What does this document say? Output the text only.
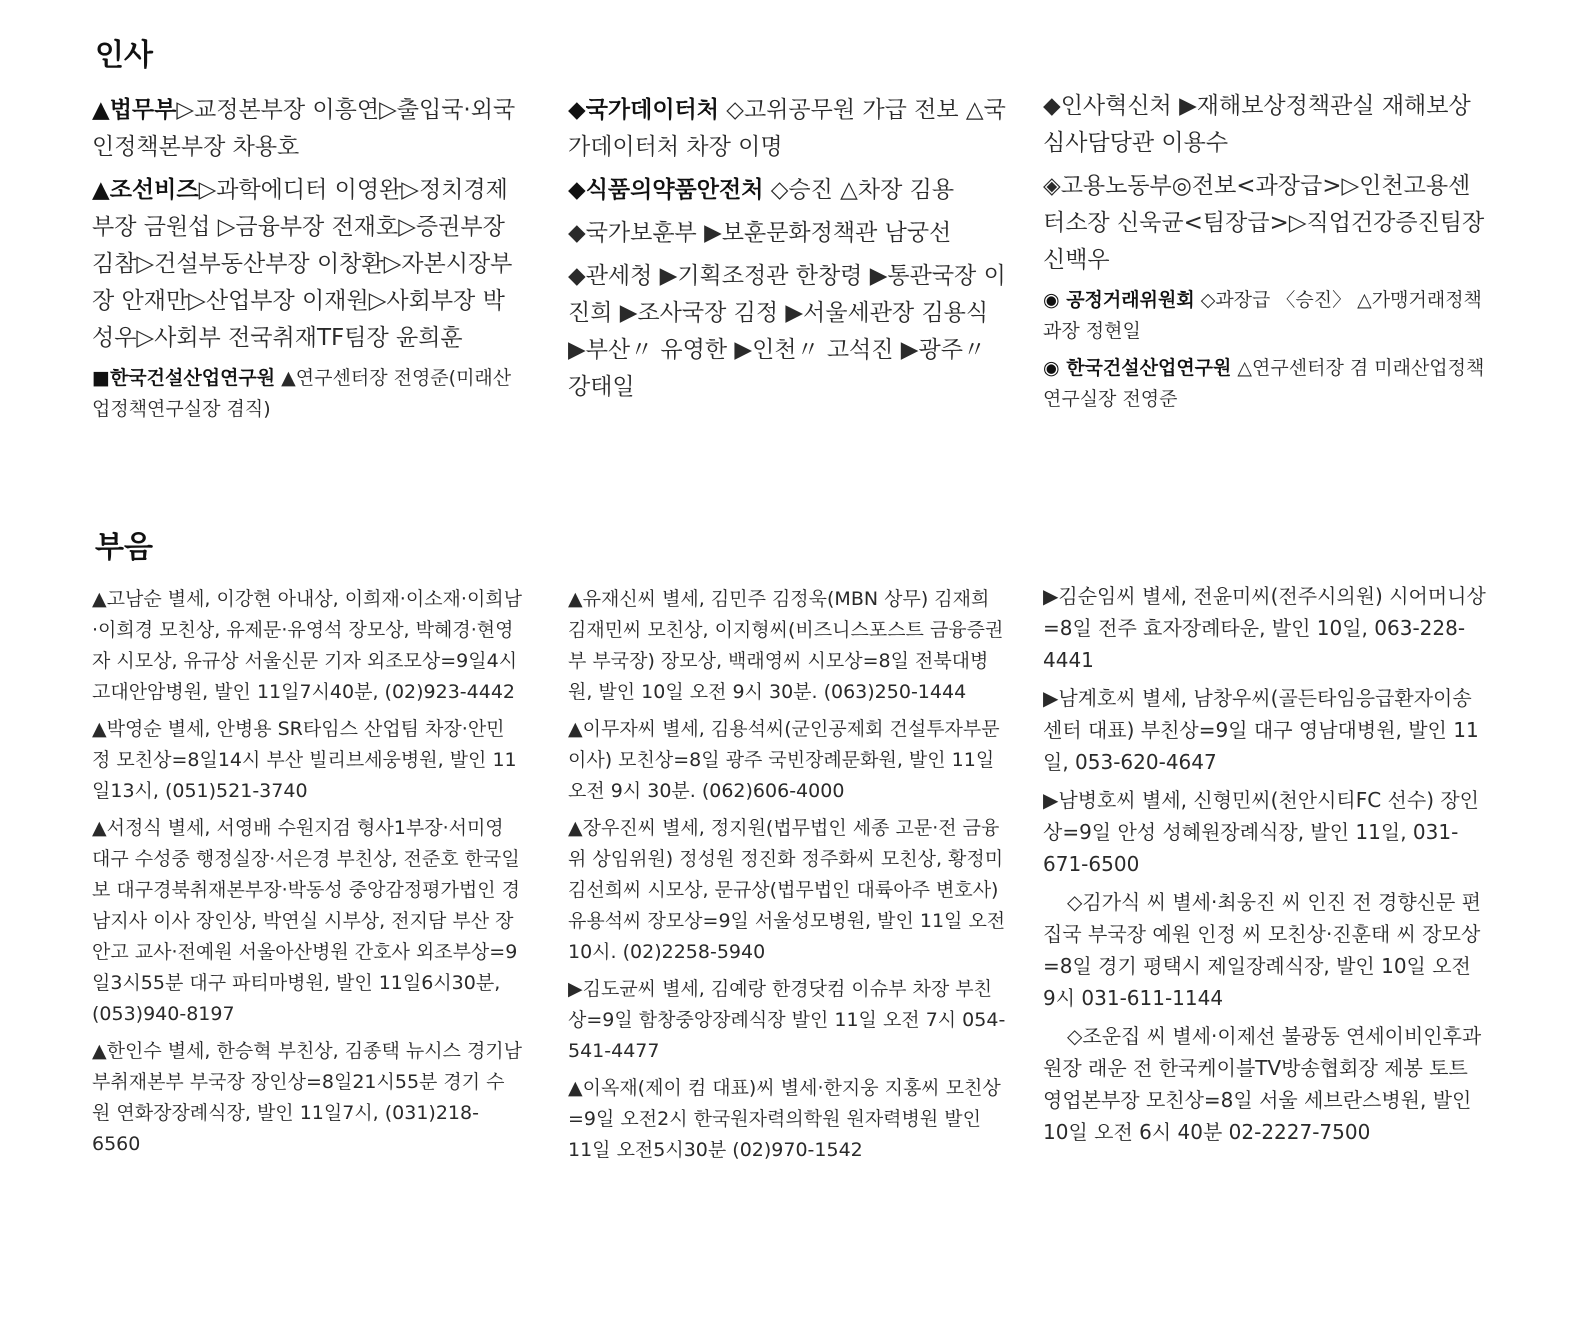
인사

▲법무부▷교정본부장 이흥연▷출입국·외국인정책본부장 차용호

▲조선비즈▷과학에디터 이영완▷정치경제부장 금원섭 ▷금융부장 전재호▷증권부장 김참▷건설부동산부장 이창환▷자본시장부장 안재만▷산업부장 이재원▷사회부장 박성우▷사회부 전국취재TF팀장 윤희훈

■한국건설산업연구원 ▲연구센터장 전영준(미래산업정책연구실장 겸직)

◆국가데이터처 ◇고위공무원 가급 전보 △국가데이터처 차장 이명

◆식품의약품안전처 ◇승진 △차장 김용

◆국가보훈부 ▶보훈문화정책관 남궁선

◆관세청 ▶기획조정관 한창령 ▶통관국장 이진희 ▶조사국장 김정 ▶서울세관장 김용식 ▶부산〃 유영한 ▶인천〃 고석진 ▶광주〃 강태일

◆인사혁신처 ▶재해보상정책관실 재해보상심사담당관 이용수

◈고용노동부◎전보<과장급>▷인천고용센터소장 신욱균<팀장급>▷직업건강증진팀장 신백우

◉ 공정거래위원회 ◇과장급 〈승진〉 △가맹거래정책과장 정현일

◉ 한국건설산업연구원 △연구센터장 겸 미래산업정책연구실장 전영준

부음

▲고남순 별세, 이강현 아내상, 이희재·이소재·이희남·이희경 모친상, 유제문·유영석 장모상, 박혜경·현영자 시모상, 유규상 서울신문 기자 외조모상=9일4시 고대안암병원, 발인 11일7시40분, (02)923-4442

▲박영순 별세, 안병용 SR타임스 산업팀 차장·안민정 모친상=8일14시 부산 빌리브세웅병원, 발인 11일13시, (051)521-3740

▲서정식 별세, 서영배 수원지검 형사1부장·서미영 대구 수성중 행정실장·서은경 부친상, 전준호 한국일보 대구경북취재본부장·박동성 중앙감정평가법인 경남지사 이사 장인상, 박연실 시부상, 전지담 부산 장안고 교사·전예원 서울아산병원 간호사 외조부상=9일3시55분 대구 파티마병원, 발인 11일6시30분, (053)940-8197

▲한인수 별세, 한승혁 부친상, 김종택 뉴시스 경기남부취재본부 부국장 장인상=8일21시55분 경기 수원 연화장장례식장, 발인 11일7시, (031)218-6560

▲유재신씨 별세, 김민주 김정욱(MBN 상무) 김재희 김재민씨 모친상, 이지형씨(비즈니스포스트 금융증권부 부국장) 장모상, 백래영씨 시모상=8일 전북대병원, 발인 10일 오전 9시 30분. (063)250-1444

▲이무자씨 별세, 김용석씨(군인공제회 건설투자부문 이사) 모친상=8일 광주 국빈장례문화원, 발인 11일 오전 9시 30분. (062)606-4000

▲장우진씨 별세, 정지원(법무법인 세종 고문·전 금융위 상임위원) 정성원 정진화 정주화씨 모친상, 황정미 김선희씨 시모상, 문규상(법무법인 대륙아주 변호사) 유용석씨 장모상=9일 서울성모병원, 발인 11일 오전 10시. (02)2258-5940

▶김도균씨 별세, 김예랑 한경닷컴 이슈부 차장 부친상=9일 함창중앙장례식장 발인 11일 오전 7시 054-541-4477

▲이옥재(제이 컴 대표)씨 별세·한지웅 지홍씨 모친상=9일 오전2시 한국원자력의학원 원자력병원 발인 11일 오전5시30분 (02)970-1542

▶김순임씨 별세, 전윤미씨(전주시의원) 시어머니상=8일 전주 효자장례타운, 발인 10일, 063-228-4441

▶남계호씨 별세, 남창우씨(골든타임응급환자이송센터 대표) 부친상=9일 대구 영남대병원, 발인 11일, 053-620-4647

▶남병호씨 별세, 신형민씨(천안시티FC 선수) 장인상=9일 안성 성혜원장례식장, 발인 11일, 031-671-6500

◇김가식 씨 별세·최웅진 씨 인진 전 경향신문 편집국 부국장 예원 인정 씨 모친상·진훈태 씨 장모상=8일 경기 평택시 제일장례식장, 발인 10일 오전 9시 031-611-1144

◇조운집 씨 별세·이제선 불광동 연세이비인후과 원장 래운 전 한국케이블TV방송협회장 제봉 토트 영업본부장 모친상=8일 서울 세브란스병원, 발인 10일 오전 6시 40분 02-2227-7500
